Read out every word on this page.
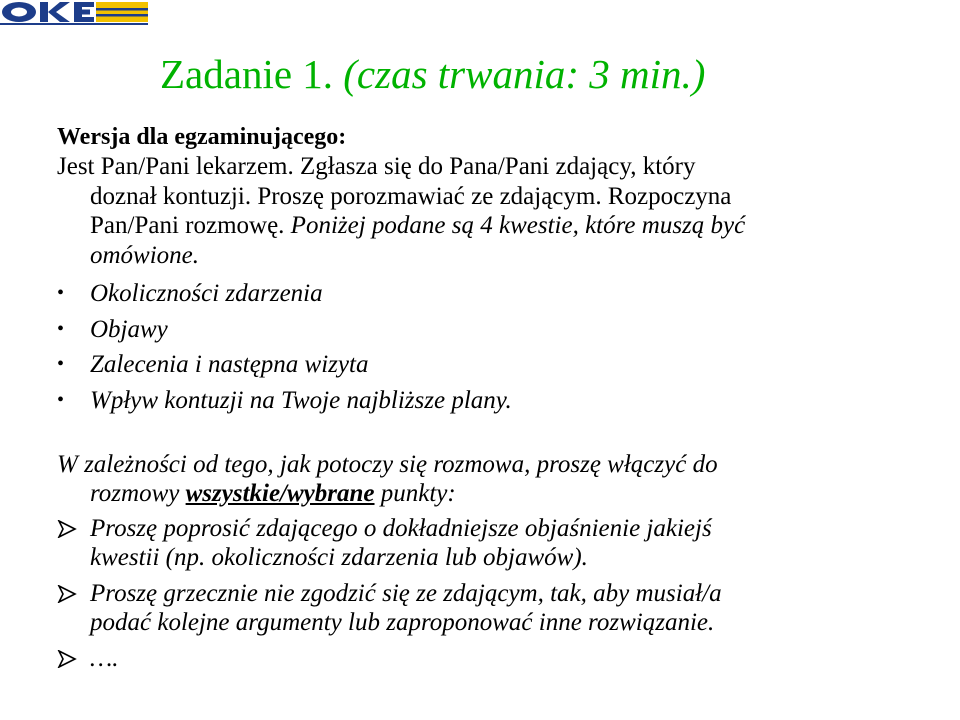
Zadanie 1. (czas trwania: 3 min.)

Wersja dla egzaminującego:

Jest Pan/Pani lekarzem. Zgłasza się do Pana/Pani zdający, który

doznał kontuzji. Proszę porozmawiać ze zdającym. Rozpoczyna
Pan/Pani rozmowę. Poniżej podane są 4 kwestie, które muszą być
omówione.

• Okoliczności zdarzenia
• Objawy
• Zalecenia i następna wizyta
• Wpływ kontuzji na Twoje najbliższe plany.
W zależności od tego, jak potoczy się rozmowa, proszę włączyć do

rozmowy wszystkie/wybrane punkty:
Proszę poprosić zdającego o dokładniejsze objaśnienie jakiejś
kwestii (np. okoliczności zdarzenia lub objawów).
Proszę grzecznie nie zgodzić się ze zdającym, tak, aby musiał/a
podać kolejne argumenty lub zaproponować inne rozwiązanie.
….
